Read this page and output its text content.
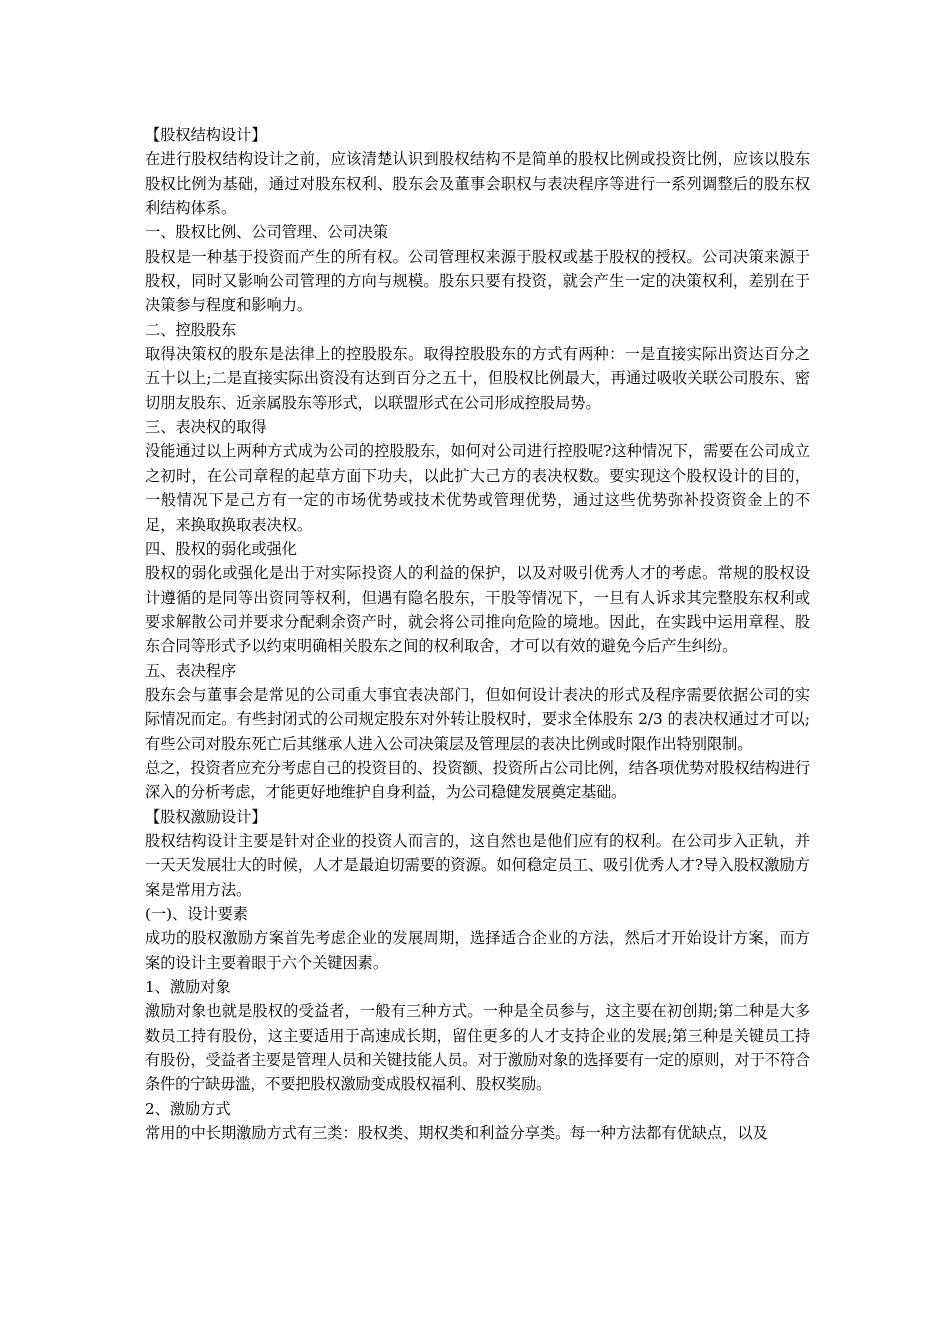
【股权结构设计】

在进行股权结构设计之前，应该清楚认识到股权结构不是简单的股权比例或投资比例，应该以股东股权比例为基础，通过对股东权利、股东会及董事会职权与表决程序等进行一系列调整后的股东权利结构体系。

一、股权比例、公司管理、公司决策

股权是一种基于投资而产生的所有权。公司管理权来源于股权或基于股权的授权。公司决策来源于股权，同时又影响公司管理的方向与规模。股东只要有投资，就会产生一定的决策权利，差别在于决策参与程度和影响力。

二、控股股东

取得决策权的股东是法律上的控股股东。取得控股股东的方式有两种：一是直接实际出资达百分之五十以上;二是直接实际出资没有达到百分之五十，但股权比例最大，再通过吸收关联公司股东、密切朋友股东、近亲属股东等形式，以联盟形式在公司形成控股局势。

三、表决权的取得

没能通过以上两种方式成为公司的控股股东，如何对公司进行控股呢?这种情况下，需要在公司成立之初时，在公司章程的起草方面下功夫，以此扩大己方的表决权数。要实现这个股权设计的目的，一般情况下是己方有一定的市场优势或技术优势或管理优势，通过这些优势弥补投资资金上的不足，来换取换取表决权。

四、股权的弱化或强化

股权的弱化或强化是出于对实际投资人的利益的保护，以及对吸引优秀人才的考虑。常规的股权设计遵循的是同等出资同等权利，但遇有隐名股东，干股等情况下，一旦有人诉求其完整股东权利或要求解散公司并要求分配剩余资产时，就会将公司推向危险的境地。因此，在实践中运用章程、股东合同等形式予以约束明确相关股东之间的权利取舍，才可以有效的避免今后产生纠纷。

五、表决程序

股东会与董事会是常见的公司重大事宜表决部门，但如何设计表决的形式及程序需要依据公司的实际情况而定。有些封闭式的公司规定股东对外转让股权时，要求全体股东 2/3 的表决权通过才可以;有些公司对股东死亡后其继承人进入公司决策层及管理层的表决比例或时限作出特别限制。

总之，投资者应充分考虑自己的投资目的、投资额、投资所占公司比例，结各项优势对股权结构进行深入的分析考虑，才能更好地维护自身利益，为公司稳健发展奠定基础。

【股权激励设计】

股权结构设计主要是针对企业的投资人而言的，这自然也是他们应有的权利。在公司步入正轨，并一天天发展壮大的时候，人才是最迫切需要的资源。如何稳定员工、吸引优秀人才?导入股权激励方案是常用方法。

(一)、设计要素

成功的股权激励方案首先考虑企业的发展周期，选择适合企业的方法，然后才开始设计方案，而方案的设计主要着眼于六个关键因素。

1、激励对象

激励对象也就是股权的受益者，一般有三种方式。一种是全员参与，这主要在初创期;第二种是大多数员工持有股份，这主要适用于高速成长期，留住更多的人才支持企业的发展;第三种是关键员工持有股份，受益者主要是管理人员和关键技能人员。对于激励对象的选择要有一定的原则，对于不符合条件的宁缺毋滥，不要把股权激励变成股权福利、股权奖励。

2、激励方式

常用的中长期激励方式有三类：股权类、期权类和利益分享类。每一种方法都有优缺点，以及
